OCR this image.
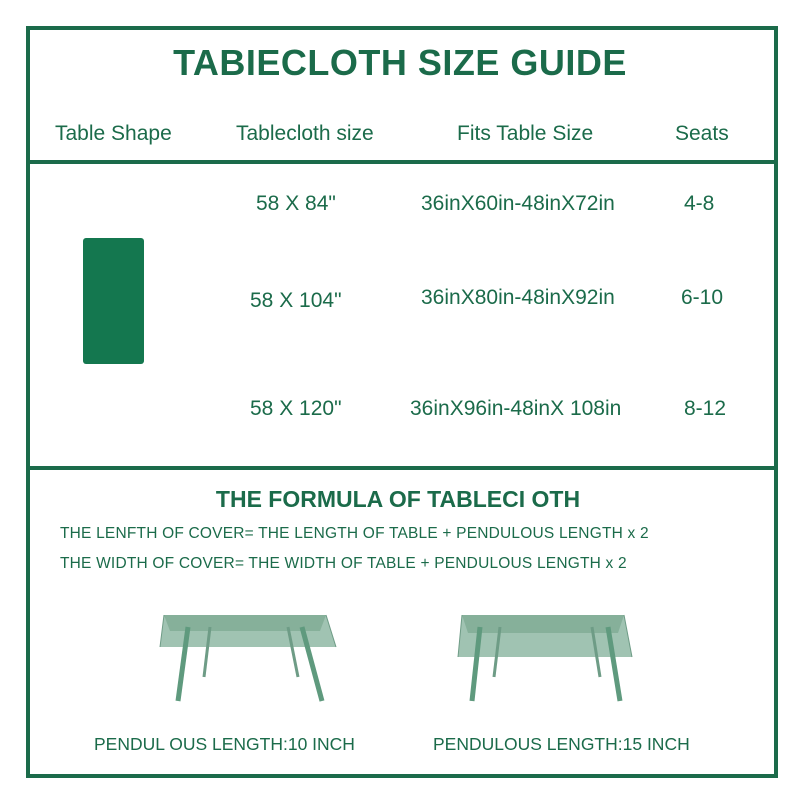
TABIECLOTH SIZE GUIDE
Table Shape	Tablecloth size	Fits Table Size	Seats
58 X 84"	36inX60in-48inX72in	4-8
58 X 104"	36inX80in-48inX92in	6-10
58 X 120"	36inX96in-48inX 108in	8-12
THE FORMULA OF TABLECI OTH
THE LENFTH OF COVER= THE LENGTH OF TABLE + PENDULOUS LENGTH x 2
THE WIDTH OF COVER= THE WIDTH OF TABLE + PENDULOUS LENGTH x 2
PENDUL OUS LENGTH:10 INCH	PENDULOUS LENGTH:15 INCH
